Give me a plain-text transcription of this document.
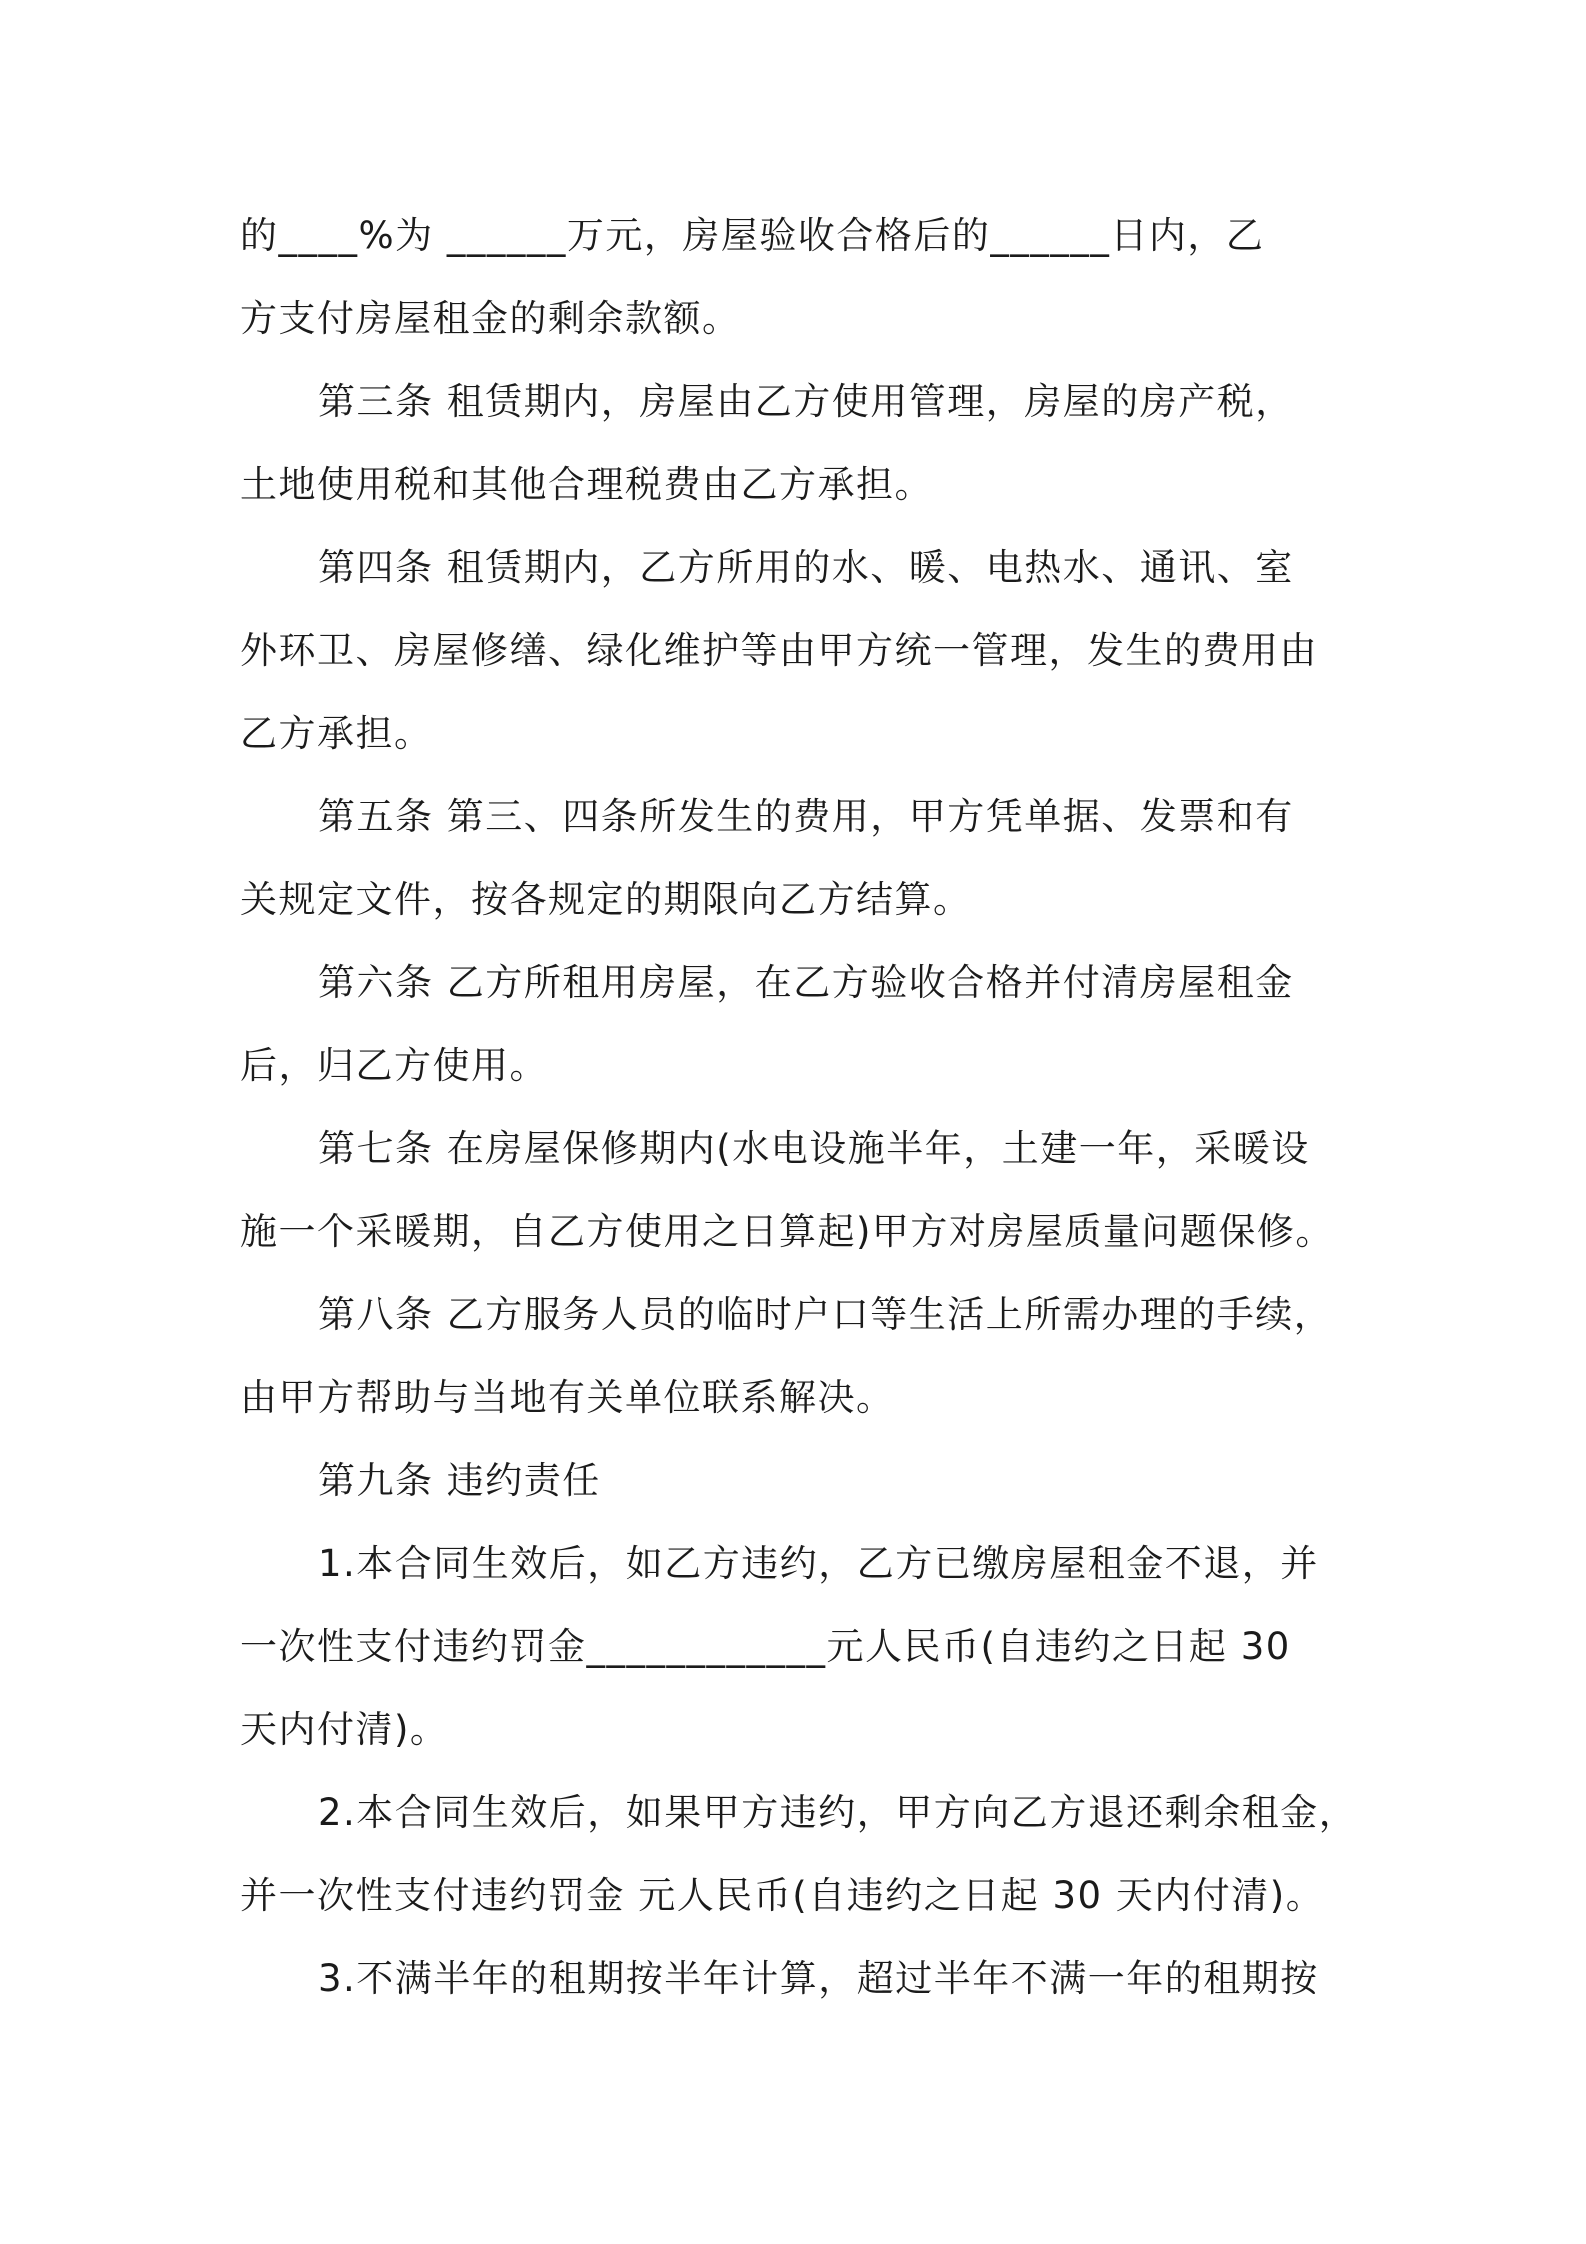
的____%为 ______万元，房屋验收合格后的______日内，乙
方支付房屋租金的剩余款额。

第三条 租赁期内，房屋由乙方使用管理，房屋的房产税，
土地使用税和其他合理税费由乙方承担。

第四条 租赁期内，乙方所用的水、暖、电热水、通讯、室
外环卫、房屋修缮、绿化维护等由甲方统一管理，发生的费用由
乙方承担。

第五条 第三、四条所发生的费用，甲方凭单据、发票和有
关规定文件，按各规定的期限向乙方结算。

第六条 乙方所租用房屋，在乙方验收合格并付清房屋租金
后，归乙方使用。

第七条 在房屋保修期内(水电设施半年，土建一年，采暖设
施一个采暖期，自乙方使用之日算起)甲方对房屋质量问题保修。

第八条 乙方服务人员的临时户口等生活上所需办理的手续，
由甲方帮助与当地有关单位联系解决。

第九条 违约责任

1.本合同生效后，如乙方违约，乙方已缴房屋租金不退，并
一次性支付违约罚金____________元人民币(自违约之日起 30
天内付清)。

2.本合同生效后，如果甲方违约，甲方向乙方退还剩余租金，
并一次性支付违约罚金 元人民币(自违约之日起 30 天内付清)。

3.不满半年的租期按半年计算，超过半年不满一年的租期按
